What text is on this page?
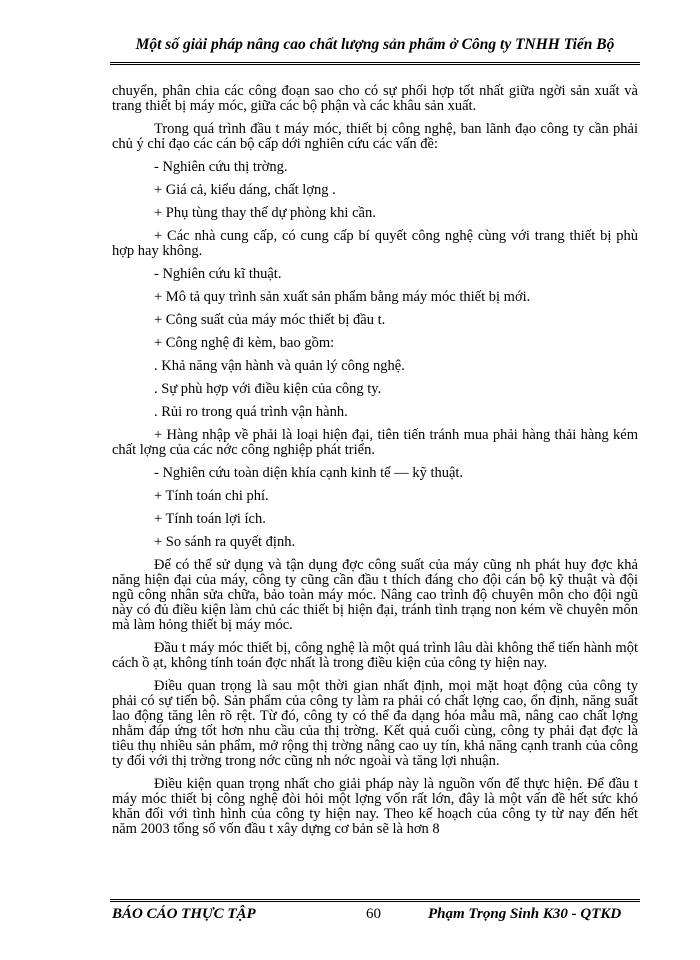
Một số giải pháp nâng cao chất lượng sản phẩm ở Công ty TNHH Tiến Bộ

chuyển, phân chia các công đoạn sao cho có sự phối hợp tốt nhất giữa ngời sản xuất và trang thiết bị máy móc, giữa các bộ phận và các khâu sản xuất.

Trong quá trình đầu t máy móc, thiết bị công nghệ, ban lãnh đạo công ty cần phải chủ ý chỉ đạo các cán bộ cấp dới nghiên cứu các vấn đề:

- Nghiên cứu thị trờng.

+ Giá cả, kiểu dáng, chất lợng .

+ Phụ tùng thay thế dự phòng khi cần.

+ Các nhà cung cấp, có cung cấp bí quyết công nghệ cùng với trang thiết bị phù hợp hay không.

- Nghiên cứu kĩ thuật.

+ Mô tả quy trình sản xuất sản phẩm bằng máy móc thiết bị mới.

+ Công suất của máy móc thiết bị đầu t.

+ Công nghệ đi kèm, bao gồm:

. Khả năng vận hành và quản lý công nghệ.

. Sự phù hợp với điều kiện của công ty.

. Rủi ro trong quá trình vận hành.

+ Hàng nhập về phải là loại hiện đại, tiên tiến tránh mua phải hàng thải hàng kém chất lợng của các nớc công nghiệp phát triển.

- Nghiên cứu toàn diện khía cạnh kinh tế — kỹ thuật.

+ Tính toán chi phí.

+ Tính toán lợi ích.

+ So sánh ra quyết định.

Để có thể sử dụng và tận dụng đợc công suất của máy cũng nh phát huy đợc khả năng hiện đại của máy, công ty cũng cần đầu t thích đáng cho đội cán bộ kỹ thuật và đội ngũ công nhân sửa chữa, bảo toàn máy móc. Nâng cao trình độ chuyên môn cho đội ngũ này có đủ điều kiện làm chủ các thiết bị hiện đại, tránh tình trạng non kém về chuyên môn mà làm hỏng thiết bị máy móc.

Đầu t máy móc thiết bị, công nghệ là một quá trình lâu dài không thể tiến hành một cách ồ ạt, không tính toán đợc nhất là trong điều kiện của công ty hiện nay.

Điều quan trọng là sau một thời gian nhất định, mọi mặt hoạt động của công ty phải có sự tiến bộ. Sản phẩm của công ty làm ra phải có chất lợng cao, ổn định, năng suất lao động tăng lên rõ rệt. Từ đó, công ty có thể đa dạng hóa mẫu mã, nâng cao chất lợng nhằm đáp ứng tốt hơn nhu cầu của thị trờng. Kết quả cuối cùng, công ty phải đạt đợc là tiêu thụ nhiều sản phẩm, mở rộng thị trờng nâng cao uy tín, khả năng cạnh tranh của công ty đối với thị trờng trong nớc cũng nh nớc ngoài và tăng lợi nhuận.

Điều kiện quan trọng nhất cho giải pháp này là nguồn vốn để thực hiện. Để đầu t máy móc thiết bị công nghệ đòi hỏi một lợng vốn rất lớn, đây là một vấn đề hết sức khó khăn đối với tình hình của công ty hiện nay. Theo kế hoạch của công ty từ nay đến hết năm 2003 tổng số vốn đầu t xây dựng cơ bản sẽ là hơn 8

BÁO CÁO THỰC TẬP	60	Phạm Trọng Sinh K30 - QTKD
